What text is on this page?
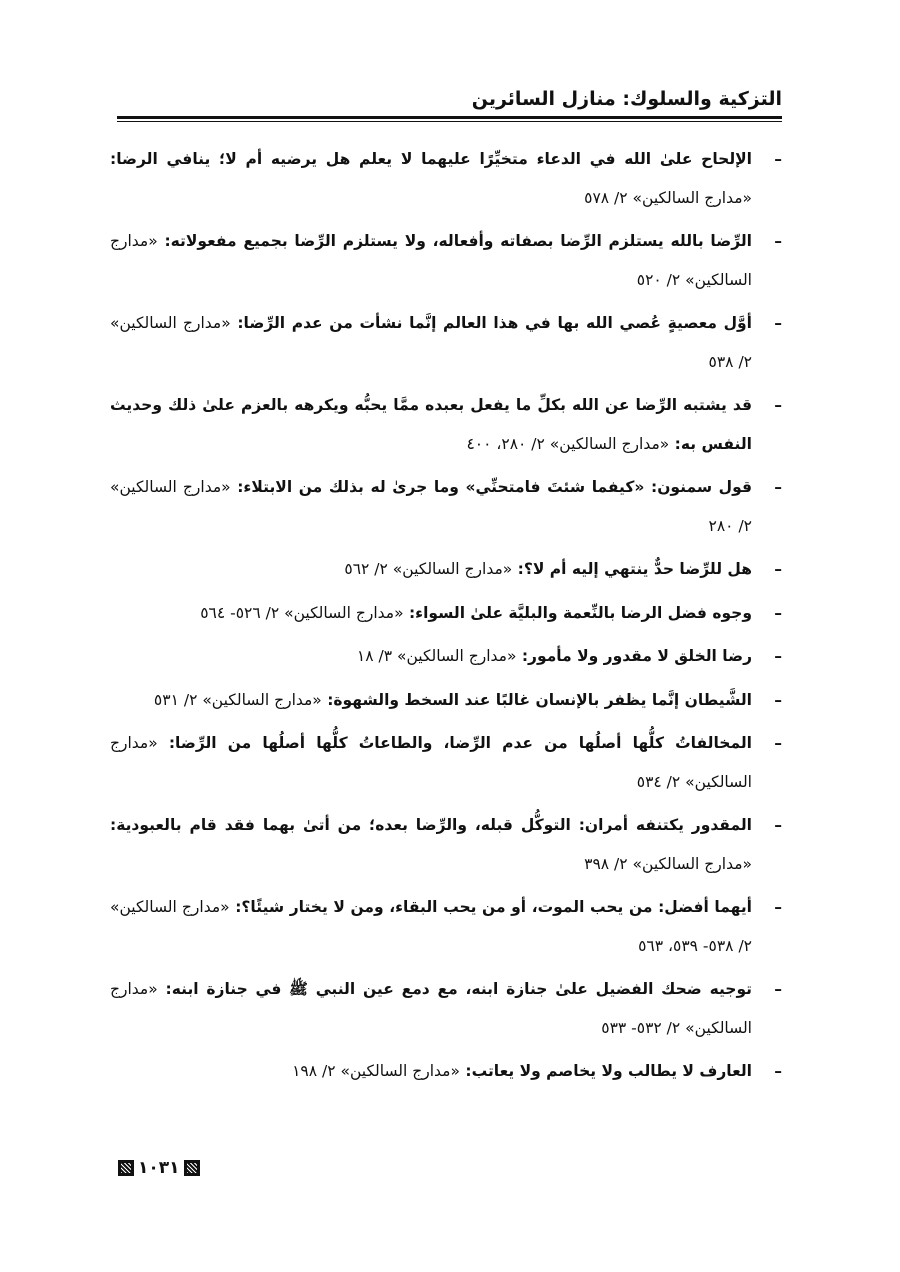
التزكية والسلوك: منازل السائرين
–
الإلحاح علىٰ الله في الدعاء متخيِّرًا عليهما لا يعلم هل يرضيه أم لا؛ ينافي الرضا: «مدارج السالكين» ٢/ ٥٧٨
–
الرِّضا بالله يستلزم الرِّضا بصفاته وأفعاله، ولا يستلزم الرِّضا بجميع مفعولاته: «مدارج السالكين» ٢/ ٥٢٠
–
أوَّل معصيةٍ عُصي الله بها في هذا العالم إنَّما نشأت من عدم الرِّضا: «مدارج السالكين» ٢/ ٥٣٨
–
قد يشتبه الرِّضا عن الله بكلِّ ما يفعل بعبده ممَّا يحبُّه ويكرهه بالعزم علىٰ ذلك وحديث النفس به: «مدارج السالكين» ٢/ ٢٨٠، ٤٠٠
–
قول سمنون: «كيفما شئتَ فامتحنِّي» وما جرىٰ له بذلك من الابتلاء: «مدارج السالكين» ٢/ ٢٨٠
–
هل للرِّضا حدٌّ ينتهي إليه أم لا؟: «مدارج السالكين» ٢/ ٥٦٢
–
وجوه فضل الرضا بالنِّعمة والبليَّة علىٰ السواء: «مدارج السالكين» ٢/ ٥٢٦- ٥٦٤
–
رضا الخلق لا مقدور ولا مأمور: «مدارج السالكين» ٣/ ١٨
–
الشَّيطان إنَّما يظفر بالإنسان غالبًا عند السخط والشهوة: «مدارج السالكين» ٢/ ٥٣١
–
المخالفاتُ كلُّها أصلُها من عدم الرِّضا، والطاعاتُ كلُّها أصلُها من الرِّضا: «مدارج السالكين» ٢/ ٥٣٤
–
المقدور يكتنفه أمران: التوكُّل قبله، والرِّضا بعده؛ من أتىٰ بهما فقد قام بالعبودية: «مدارج السالكين» ٢/ ٣٩٨
–
أيهما أفضل: من يحب الموت، أو من يحب البقاء، ومن لا يختار شيئًا؟: «مدارج السالكين» ٢/ ٥٣٨- ٥٣٩، ٥٦٣
–
توجيه ضحك الفضيل علىٰ جنازة ابنه، مع دمع عين النبي ﷺ في جنازة ابنه: «مدارج السالكين» ٢/ ٥٣٢- ٥٣٣
–
العارف لا يطالب ولا يخاصم ولا يعاتب: «مدارج السالكين» ٢/ ١٩٨
١٠٣١
